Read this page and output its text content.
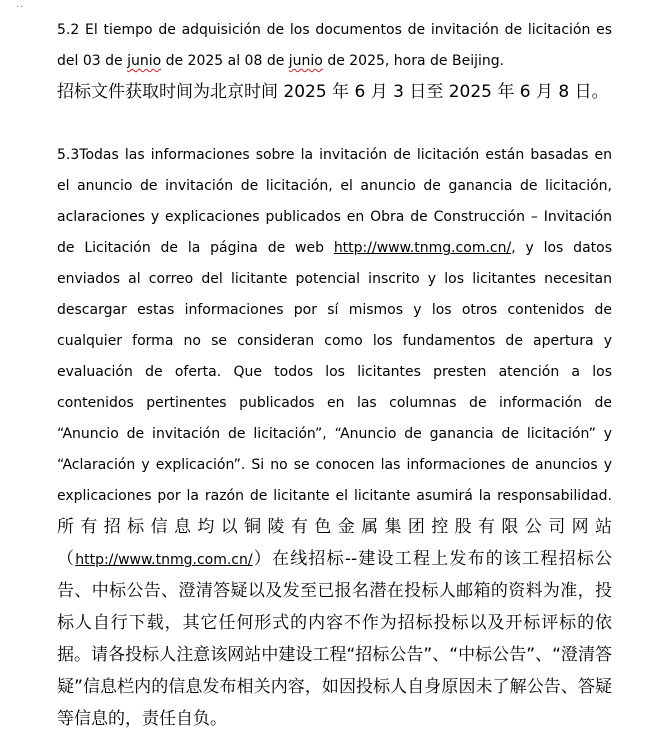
..

5.2 El tiempo de adquisición de los documentos de invitación de licitación es del 03 de junio de 2025 al 08 de junio de 2025, hora de Beijing.

招标文件获取时间为北京时间 2025 年 6 月 3 日至 2025 年 6 月 8 日。

5.3Todas las informaciones sobre la invitación de licitación están basadas en el anuncio de invitación de licitación, el anuncio de ganancia de licitación, aclaraciones y explicaciones publicados en Obra de Construcción – Invitación de Licitación de la página de web http://www.tnmg.com.cn/, y los datos enviados al correo del licitante potencial inscrito y los licitantes necesitan descargar estas informaciones por sí mismos y los otros contenidos de cualquier forma no se consideran como los fundamentos de apertura y evaluación de oferta. Que todos los licitantes presten atención a los contenidos pertinentes publicados en las columnas de información de “Anuncio de invitación de licitación”, “Anuncio de ganancia de licitación” y “Aclaración y explicación”. Si no se conocen las informaciones de anuncios y explicaciones por la razón de licitante el licitante asumirá la responsabilidad.所有招标信息均以铜陵有色金属集团控股有限公司网站（http://www.tnmg.com.cn/）在线招标--建设工程上发布的该工程招标公告、中标公告、澄清答疑以及发至已报名潜在投标人邮箱的资料为准，投标人自行下载，其它任何形式的内容不作为招标投标以及开标评标的依据。请各投标人注意该网站中建设工程“招标公告”、“中标公告”、“澄清答疑”信息栏内的信息发布相关内容，如因投标人自身原因未了解公告、答疑等信息的，责任自负。
